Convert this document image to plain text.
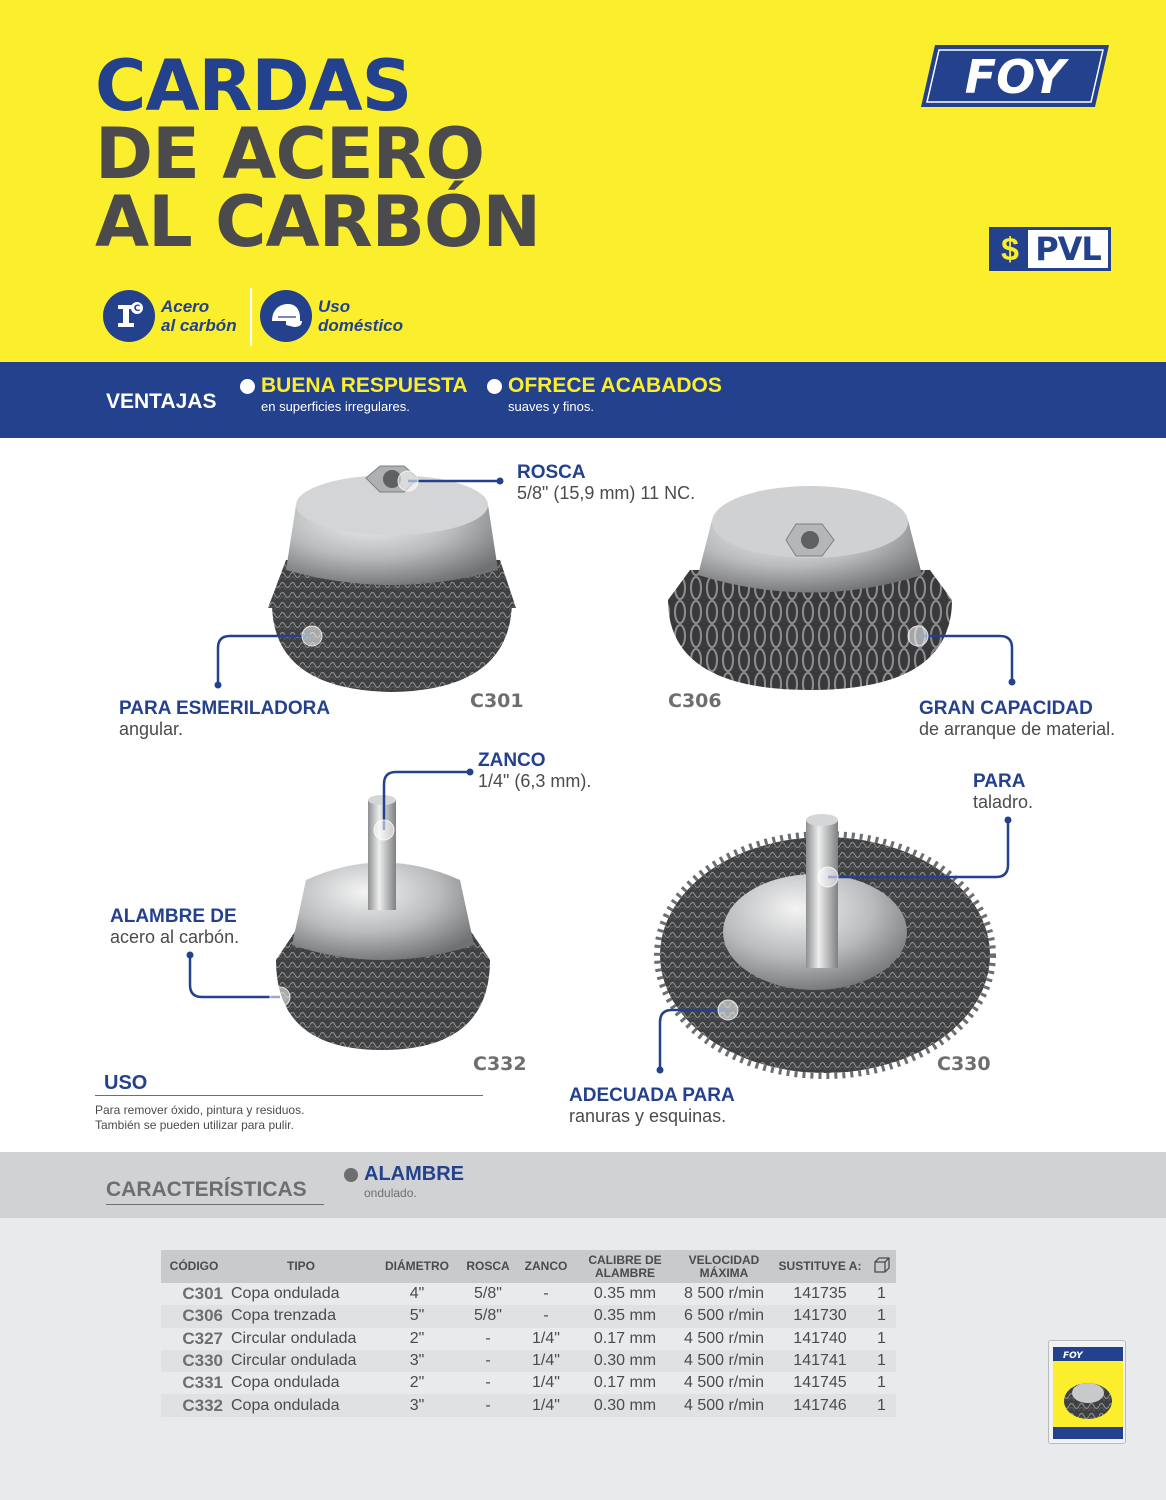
CARDAS
DE ACERO
AL CARBÓN
FOY
$ PVL
C Acero
al carbón
Uso
doméstico
VENTAJAS
BUENA RESPUESTA
en superficies irregulares.
OFRECE ACABADOS
suaves y finos.
C301	C306
C332	C330
ROSCA
5/8" (15,9 mm) 11 NC.
PARA ESMERILADORA
angular.
GRAN CAPACIDAD
de arranque de material.
ZANCO
1/4" (6,3 mm).	PARA
taladro.
ALAMBRE DE
acero al carbón.
ADECUADA PARA
ranuras y esquinas.
USO
Para remover óxido, pintura y residuos.
También se pueden utilizar para pulir.
CARACTERÍSTICAS
ALAMBRE
ondulado.
CÓDIGO	TIPO	DIÁMETRO	ROSCA	ZANCO	CALIBRE DE ALAMBRE	VELOCIDAD MÁXIMA	SUSTITUYE A:	
C301	Copa ondulada	4"	5/8"	-	0.35 mm	8 500 r/min	141735	1
C306	Copa trenzada	5"	5/8"	-	0.35 mm	6 500 r/min	141730	1
C327	Circular ondulada	2"	-	1/4"	0.17 mm	4 500 r/min	141740	1
C330	Circular ondulada	3"	-	1/4"	0.30 mm	4 500 r/min	141741	1
C331	Copa ondulada	2"	-	1/4"	0.17 mm	4 500 r/min	141745	1
C332	Copa ondulada	3"	-	1/4"	0.30 mm	4 500 r/min	141746	1
FOY
